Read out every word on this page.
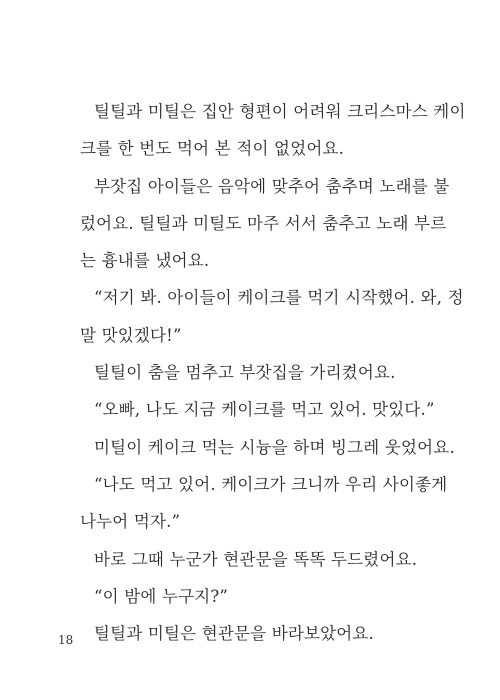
틸틸과 미틸은 집안 형편이 어려워 크리스마스 케이
크를 한 번도 먹어 본 적이 없었어요.
부잣집 아이들은 음악에 맞추어 춤추며 노래를 불
렀어요. 틸틸과 미틸도 마주 서서 춤추고 노래 부르
는 흉내를 냈어요.
“저기 봐. 아이들이 케이크를 먹기 시작했어. 와, 정
말 맛있겠다!”
틸틸이 춤을 멈추고 부잣집을 가리켰어요.
“오빠, 나도 지금 케이크를 먹고 있어. 맛있다.”
미틸이 케이크 먹는 시늉을 하며 빙그레 웃었어요.
“나도 먹고 있어. 케이크가 크니까 우리 사이좋게
나누어 먹자.”
바로 그때 누군가 현관문을 똑똑 두드렸어요.
“이 밤에 누구지?”
틸틸과 미틸은 현관문을 바라보았어요.
18
